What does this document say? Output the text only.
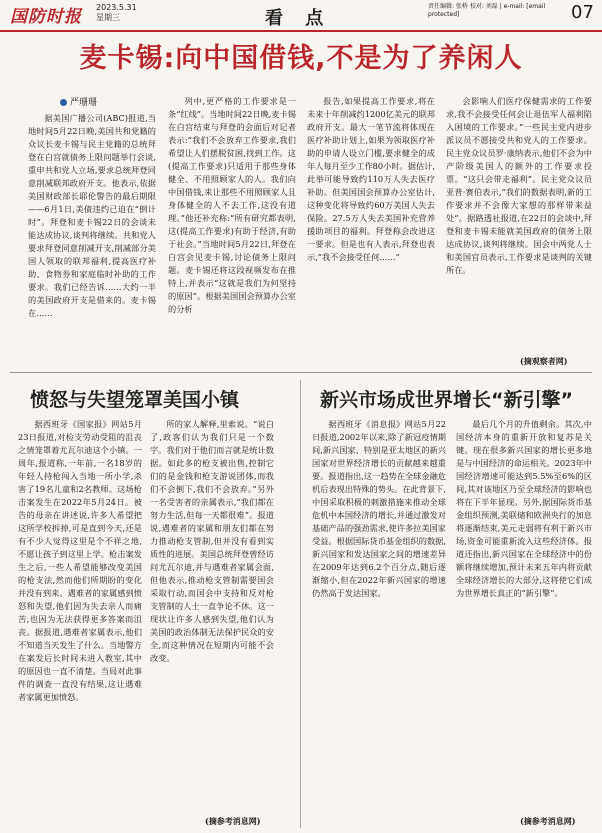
国防时报 2023.5.31
星期三	看 点
责任编辑: 张桥 校对: 刘磊 | e-mail: [email protected]	07
麦卡锡:向中国借钱,不是为了养闲人
严珊珊

据美国广播公司(ABC)报道,当地时间5月22日晚,美国共和党籍的众议长麦卡锡与民主党籍的总统拜登在白宫就债务上限问题举行会谈,重申共和党人立场,要求总统拜登同意削减联邦政府开支。他表示,依据美国财政部长耶伦警告的最后期限——6月1日,美债违约已迫在“倒计时”。拜登和麦卡锡22日的会谈未能达成协议,谈判将继续。共和党人要求拜登同意削减开支,削减部分美国人领取的联邦福利,提高医疗补助、食物券和家庭临时补助的工作要求。我们已经告诉……大约一半的美国政府开支是借来的。麦卡锡在……

列中,更严格的工作要求是一条“红线”。当地时间22日晚,麦卡锡在白宫结束与拜登的会面后对记者表示:“我们不会放弃工作要求,我们希望让人们摆脱贫困,找到工作。这(提高工作要求)只适用于那些身体健全、不用照顾家人的人。我们向中国借钱,来让那些不用照顾家人且身体健全的人不去工作,这没有道理。”他还补充称:“所有研究都表明,这(提高工作要求)有助于经济,有助于社会。”当地时间5月22日,拜登在白宫会见麦卡锡,讨论债务上限问题。麦卡锡还将这段视频发布在推特上,并表示“这就是我们为何坚持的原因”。根据美国国会预算办公室的分析

报告,如果提高工作要求,将在未来十年削减约1200亿美元的联邦政府开支。最大一笔节流将体现在医疗补助计划上,如果为领取医疗补助的申请人设立门槛,要求健全的成年人每月至少工作80小时。据估计,此举可能导致约110万人失去医疗补助。但美国国会预算办公室估计,这种变化将导致约60万美国人失去保险。27.5万人失去美国补充营养援助项目的福利。拜登称会改进这一要求。但是也有人表示,拜登也表示,“我不会接受任何……”

会影响人们医疗保健需求的工作要求,我不会接受任何会让退伍军人福利陷入困境的工作要求。”一些民主党内进步派议员不愿接受共和党人的工作要求。民主党众议员罗·康纳表示,他们不会为中产阶级美国人的额外的工作要求投票。“这只会带走福利”。民主党众议员亚普·赛伯表示,“我们的数据表明,新的工作要求并不会像大家想的那样带来益处”。据路透社报道,在22日的会谈中,拜登和麦卡锡未能就美国政府的债务上限达成协议,谈判将继续。国会中两党人士和美国官员表示,工作要求是谈判的关键所在。

(摘观察者网)
愤怒与失望笼罩美国小镇

据西班牙《国家报》网站5月23日报道,对检支劳动受阻的沮丧之情笼罩着尤瓦尔迪这个小镇。一周年,报道称,一年前,一名18岁的年轻人持枪闯入当地一所小学,杀害了19名儿童和2名教师。这场枪击案发生在2022年5月24日。被告的母亲在讲述说,许多人希望把这所学校拆掉,可是直到今天,还是有不少人觉得这里是个不祥之地,不愿让孩子到这里上学。枪击案发生之后,一些人希望能够改变美国的枪支法,然而他们所期盼的变化并没有到来。遇难者的家属感到愤怒和失望,他们因为失去亲人而痛苦,也因为无法获得更多答案而沮丧。据报道,遇难者家属表示,他们不知道当天发生了什么。当地警方在案发后长时间未进入教室,其中的原因也一直不清楚。当局对此事件的调查一直没有结果,这让遇难者家属更加愤怒。

所的家人解释,里索说。“说白了,政客们认为我们只是一个数字。我们对于他们而言就是统计数据。如此多的枪支被出售,控制它们的是金钱和枪支游说团体,而我们不会倒下,我们不会放弃。”另外一名受害者的亲属表示,“我们都在努力生活,但每一天都很难”。报道说,遇难者的家属和朋友们都在努力推动枪支管制,但并没有看到实质性的进展。美国总统拜登曾经访问尤瓦尔迪,并与遇难者家属会面,但他表示,推动枪支管制需要国会采取行动,而国会中支持和反对枪支管制的人士一直争论不休。这一现状让许多人感到失望,他们认为美国的政治体制无法保护民众的安全,而这种情况在短期内可能不会改变。

(摘参考消息网)
新兴市场成世界增长“新引擎”

据西班牙《消息报》网站5月22日报道,2002年以来,除了新冠疫情期间,新兴国家、特别是亚太地区的新兴国家对世界经济增长的贡献越来越重要。报道指出,这一趋势在全球金融危机后表现出特殊的势头。在此背景下,中国采取积极的刺激措施来推动全球危机中本国经济的增长,并通过激发对基础产品的强劲需求,使许多拉美国家受益。根据国际货币基金组织的数据,新兴国家和发达国家之间的增速差异在2009年达到6.2个百分点,随后逐渐缩小,但在2022年新兴国家的增速仍然高于发达国家。

最后几个月的升值剩余。其次,中国经济本身的重新开放和复苏是关键。现在很多新兴国家的增长更多地是与中国经济的命运相关。2023年中国经济增速可能达到5.5%至6%的区间,其对该地区乃至全球经济的影响也将在下半年显现。另外,据国际货币基金组织预测,美联储和欧洲央行的加息将逐渐结束,美元走弱将有利于新兴市场,资金可能重新流入这些经济体。报道还指出,新兴国家在全球经济中的份额将继续增加,预计未来五年内将贡献全球经济增长的大部分,这将使它们成为世界增长真正的“新引擎”。

(摘参考消息网)
